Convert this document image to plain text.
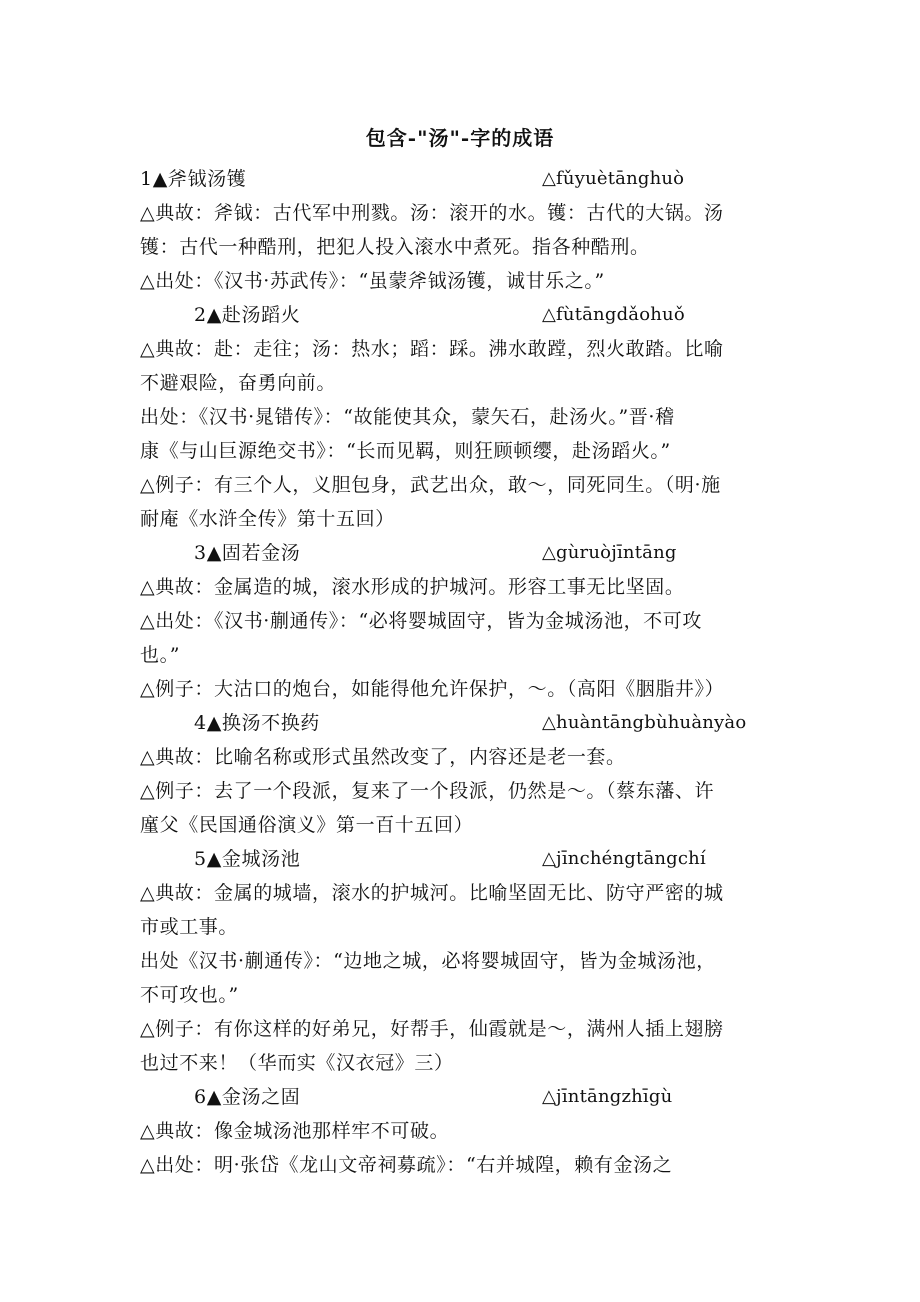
包含-"汤"-字的成语
1▲斧钺汤镬	△fǔyuètānghuò
△典故：斧钺：古代军中刑戮。汤：滚开的水。镬：古代的大锅。汤
镬：古代一种酷刑，把犯人投入滚水中煮死。指各种酷刑。
△出处：《汉书·苏武传》：“虽蒙斧钺汤镬，诚甘乐之。”
2▲赴汤蹈火	△fùtāngdǎohuǒ
△典故：赴：走往；汤：热水；蹈：踩。沸水敢蹚，烈火敢踏。比喻
不避艰险，奋勇向前。
出处：《汉书·晁错传》：“故能使其众，蒙矢石，赴汤火。”晋·稽
康《与山巨源绝交书》：“长而见羁，则狂顾顿缨，赴汤蹈火。”
△例子：有三个人，义胆包身，武艺出众，敢～，同死同生。（明·施
耐庵《水浒全传》第十五回）
3▲固若金汤	△gùruòjīntāng
△典故：金属造的城，滚水形成的护城河。形容工事无比坚固。
△出处：《汉书·蒯通传》：“必将婴城固守，皆为金城汤池，不可攻
也。”
△例子：大沽口的炮台，如能得他允许保护，～。（高阳《胭脂井》）
4▲换汤不换药	△huàntāngbùhuànyào
△典故：比喻名称或形式虽然改变了，内容还是老一套。
△例子：去了一个段派，复来了一个段派，仍然是～。（蔡东藩、许
廑父《民国通俗演义》第一百十五回）
5▲金城汤池	△jīnchéngtāngchí
△典故：金属的城墙，滚水的护城河。比喻坚固无比、防守严密的城
市或工事。
出处《汉书·蒯通传》：“边地之城，必将婴城固守，皆为金城汤池，
不可攻也。”
△例子：有你这样的好弟兄，好帮手，仙霞就是～，满州人插上翅膀
也过不来！（华而实《汉衣冠》三）
6▲金汤之固	△jīntāngzhīgù
△典故：像金城汤池那样牢不可破。
△出处：明·张岱《龙山文帝祠募疏》：“右并城隍，赖有金汤之
